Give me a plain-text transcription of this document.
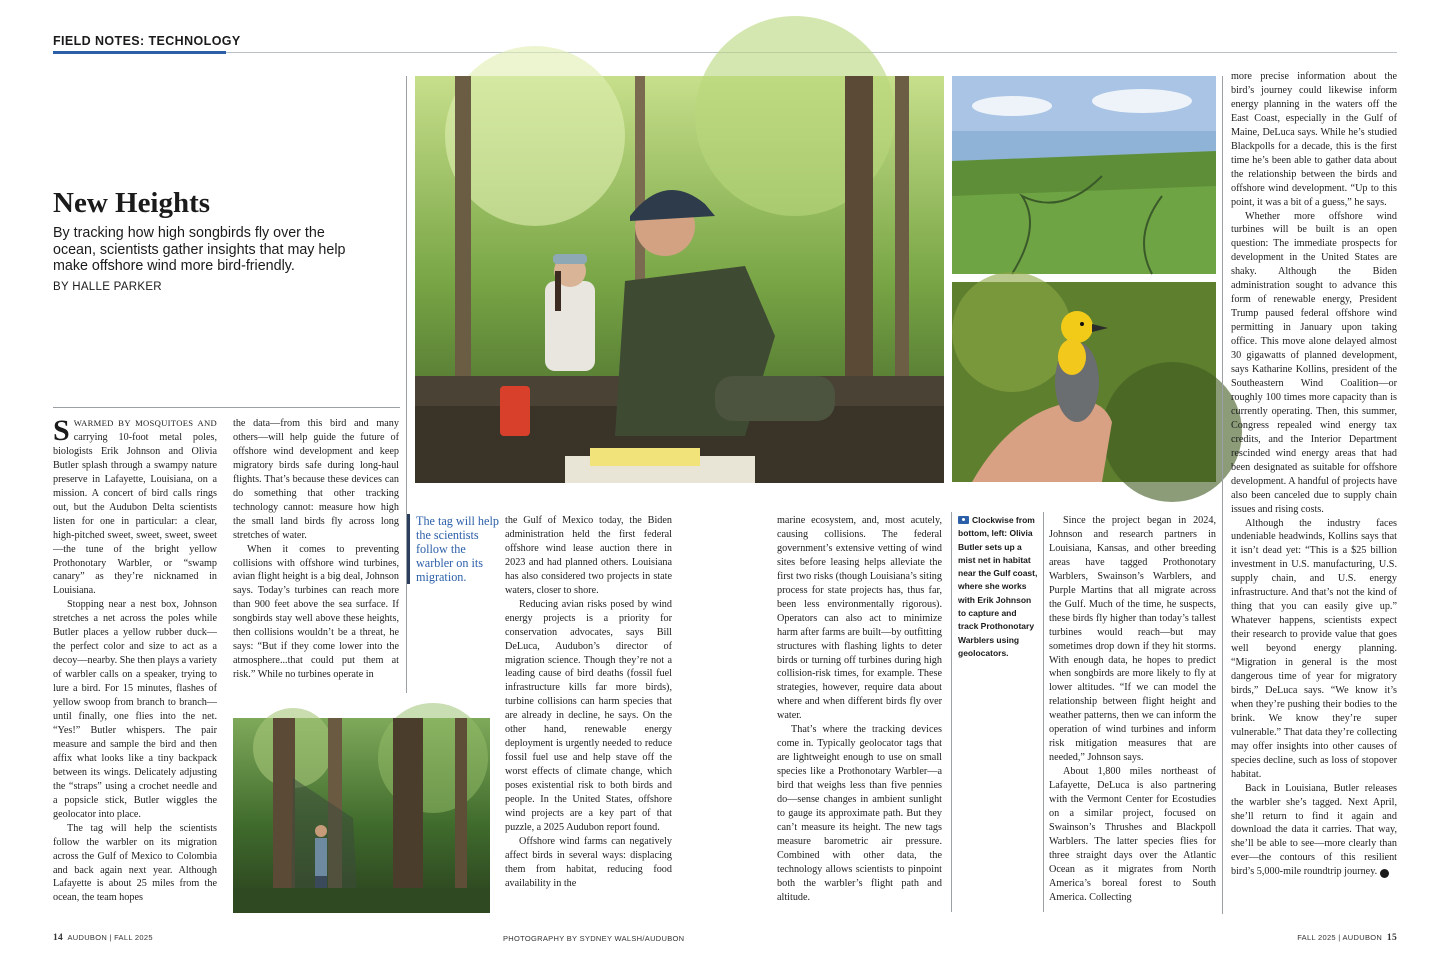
FIELD NOTES: TECHNOLOGY
New Heights
By tracking how high songbirds fly over the ocean, scientists gather insights that may help make offshore wind more bird-friendly.
BY HALLE PARKER

SWARMED BY MOSQUITOES AND carrying 10-foot metal poles, biologists Erik Johnson and Olivia Butler splash through a swampy nature preserve in Lafayette, Louisiana, on a mission. A concert of bird calls rings out, but the Audubon Delta scientists listen for one in particular: a clear, high-pitched sweet, sweet, sweet, sweet—the tune of the bright yellow Prothonotary Warbler, or “swamp canary” as they’re nicknamed in Louisiana.

Stopping near a nest box, Johnson stretches a net across the poles while Butler places a yellow rubber duck—the perfect color and size to act as a decoy—nearby. She then plays a variety of warbler calls on a speaker, trying to lure a bird. For 15 minutes, flashes of yellow swoop from branch to branch—until finally, one flies into the net. “Yes!” Butler whispers. The pair measure and sample the bird and then affix what looks like a tiny backpack between its wings. Delicately adjusting the “straps” using a crochet needle and a popsicle stick, Butler wiggles the geolocator into place.

The tag will help the scientists follow the warbler on its migration across the Gulf of Mexico to Colombia and back again next year. Although Lafayette is about 25 miles from the ocean, the team hopes

the data—from this bird and many others—will help guide the future of offshore wind development and keep migratory birds safe during long-haul flights. That’s because these devices can do something that other tracking technology cannot: measure how high the small land birds fly across long stretches of water.

When it comes to preventing collisions with offshore wind turbines, avian flight height is a big deal, Johnson says. Today’s turbines can reach more than 900 feet above the sea surface. If songbirds stay well above these heights, then collisions wouldn’t be a threat, he says: “But if they come lower into the atmosphere...that could put them at risk.” While no turbines operate in

The tag will help the scientists follow the warbler on its migration.

the Gulf of Mexico today, the Biden administration held the first federal offshore wind lease auction there in 2023 and had planned others. Louisiana has also considered two projects in state waters, closer to shore.

Reducing avian risks posed by wind energy projects is a priority for conservation advocates, says Bill DeLuca, Audubon’s director of migration science. Though they’re not a leading cause of bird deaths (fossil fuel infrastructure kills far more birds), turbine collisions can harm species that are already in decline, he says. On the other hand, renewable energy deployment is urgently needed to reduce fossil fuel use and help stave off the worst effects of climate change, which poses existential risk to both birds and people. In the United States, offshore wind projects are a key part of that puzzle, a 2025 Audubon report found.

Offshore wind farms can negatively affect birds in several ways: displacing them from habitat, reducing food availability in the

marine ecosystem, and, most acutely, causing collisions. The federal government’s extensive vetting of wind sites before leasing helps alleviate the first two risks (though Louisiana’s siting process for state projects has, thus far, been less environmentally rigorous). Operators can also act to minimize harm after farms are built—by outfitting structures with flashing lights to deter birds or turning off turbines during high collision-risk times, for example. These strategies, however, require data about where and when different birds fly over water.

That’s where the tracking devices come in. Typically geolocator tags that are lightweight enough to use on small species like a Prothonotary Warbler—a bird that weighs less than five pennies do—sense changes in ambient sunlight to gauge its approximate path. But they can’t measure its height. The new tags measure barometric air pressure. Combined with other data, the technology allows scientists to pinpoint both the warbler’s flight path and altitude.

Clockwise from bottom, left: Olivia Butler sets up a mist net in habitat near the Gulf coast, where she works with Erik Johnson to capture and track Prothonotary Warblers using geolocators.

Since the project began in 2024, Johnson and research partners in Louisiana, Kansas, and other breeding areas have tagged Prothonotary Warblers, Swainson’s Warblers, and Purple Martins that all migrate across the Gulf. Much of the time, he suspects, these birds fly higher than today’s tallest turbines would reach—but may sometimes drop down if they hit storms. With enough data, he hopes to predict when songbirds are more likely to fly at lower altitudes. “If we can model the relationship between flight height and weather patterns, then we can inform the operation of wind turbines and inform risk mitigation measures that are needed,” Johnson says.

About 1,800 miles northeast of Lafayette, DeLuca is also partnering with the Vermont Center for Ecostudies on a similar project, focused on Swainson’s Thrushes and Blackpoll Warblers. The latter species flies for three straight days over the Atlantic Ocean as it migrates from North America’s boreal forest to South America. Collecting

more precise information about the bird’s journey could likewise inform energy planning in the waters off the East Coast, especially in the Gulf of Maine, DeLuca says. While he’s studied Blackpolls for a decade, this is the first time he’s been able to gather data about the relationship between the birds and offshore wind development. “Up to this point, it was a bit of a guess,” he says.

Whether more offshore wind turbines will be built is an open question: The immediate prospects for development in the United States are shaky. Although the Biden administration sought to advance this form of renewable energy, President Trump paused federal offshore wind permitting in January upon taking office. This move alone delayed almost 30 gigawatts of planned development, says Katharine Kollins, president of the Southeastern Wind Coalition—or roughly 100 times more capacity than is currently operating. Then, this summer, Congress repealed wind energy tax credits, and the Interior Department rescinded wind energy areas that had been designated as suitable for offshore development. A handful of projects have also been canceled due to supply chain issues and rising costs.

Although the industry faces undeniable headwinds, Kollins says that it isn’t dead yet: “This is a $25 billion investment in U.S. manufacturing, U.S. supply chain, and U.S. energy infrastructure. And that’s not the kind of thing that you can easily give up.” Whatever happens, scientists expect their research to provide value that goes well beyond energy planning. “Migration in general is the most dangerous time of year for migratory birds,” DeLuca says. “We know it’s when they’re pushing their bodies to the brink. We know they’re super vulnerable.” That data they’re collecting may offer insights into other causes of species decline, such as loss of stopover habitat.

Back in Louisiana, Butler releases the warbler she’s tagged. Next April, she’ll return to find it again and download the data it carries. That way, she’ll be able to see—more clearly than ever—the contours of this resilient bird’s 5,000-mile roundtrip journey.	A

14 AUDUBON | FALL 2025	PHOTOGRAPHY BY SYDNEY WALSH/AUDUBON	FALL 2025 | AUDUBON 15
